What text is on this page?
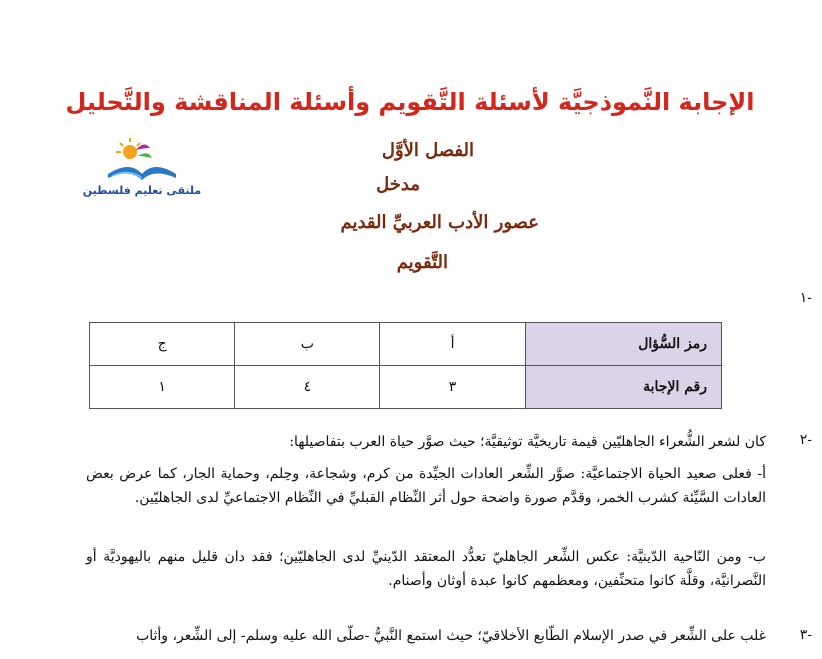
الإجابة النَّموذجيَّة لأسئلة التَّقويم وأسئلة المناقشة والتَّحليل
ملتقى تعليم فلسطين
الفصل الأوَّل
مدخل
عصور الأدب العربيِّ القديم
التَّقويم
-١
رمز السُّؤال	أ	ب	ج
رقم الإجابة	٣	٤	١
-٢
كان لشعر الشُّعراء الجاهليّين قيمة تاريخيَّة توثيقيَّة؛ حيث صوَّر حياة العرب بتفاصيلها:
أ- فعلى صعيد الحياة الاجتماعيَّة: صوَّر الشِّعر العادات الجيِّدة من كرم، وشجاعة، وحِلم، وحماية الجار، كما عرض بعض العادات السَّيِّئة كشرب الخمر، وقدَّم صورة واضحة حول أثر النِّظام القبليِّ في النِّظام الاجتماعيِّ لدى الجاهليّين.
ب- ومن النّاحية الدّينيَّة: عكس الشِّعر الجاهليّ تعدُّد المعتقد الدّينيِّ لدى الجاهليّين؛ فقد دان قليل منهم باليهوديَّة أو النَّصرانيَّة، وقلَّة كانوا متحنِّفين، ومعظمهم كانوا عبدة أوثان وأصنام.
-٣
غلب على الشِّعر في صدر الإسلام الطّابع الأخلاقيّ؛ حيث استمع النَّبيُّ -صلّى الله عليه وسلم- إلى الشِّعر، وأثاب
